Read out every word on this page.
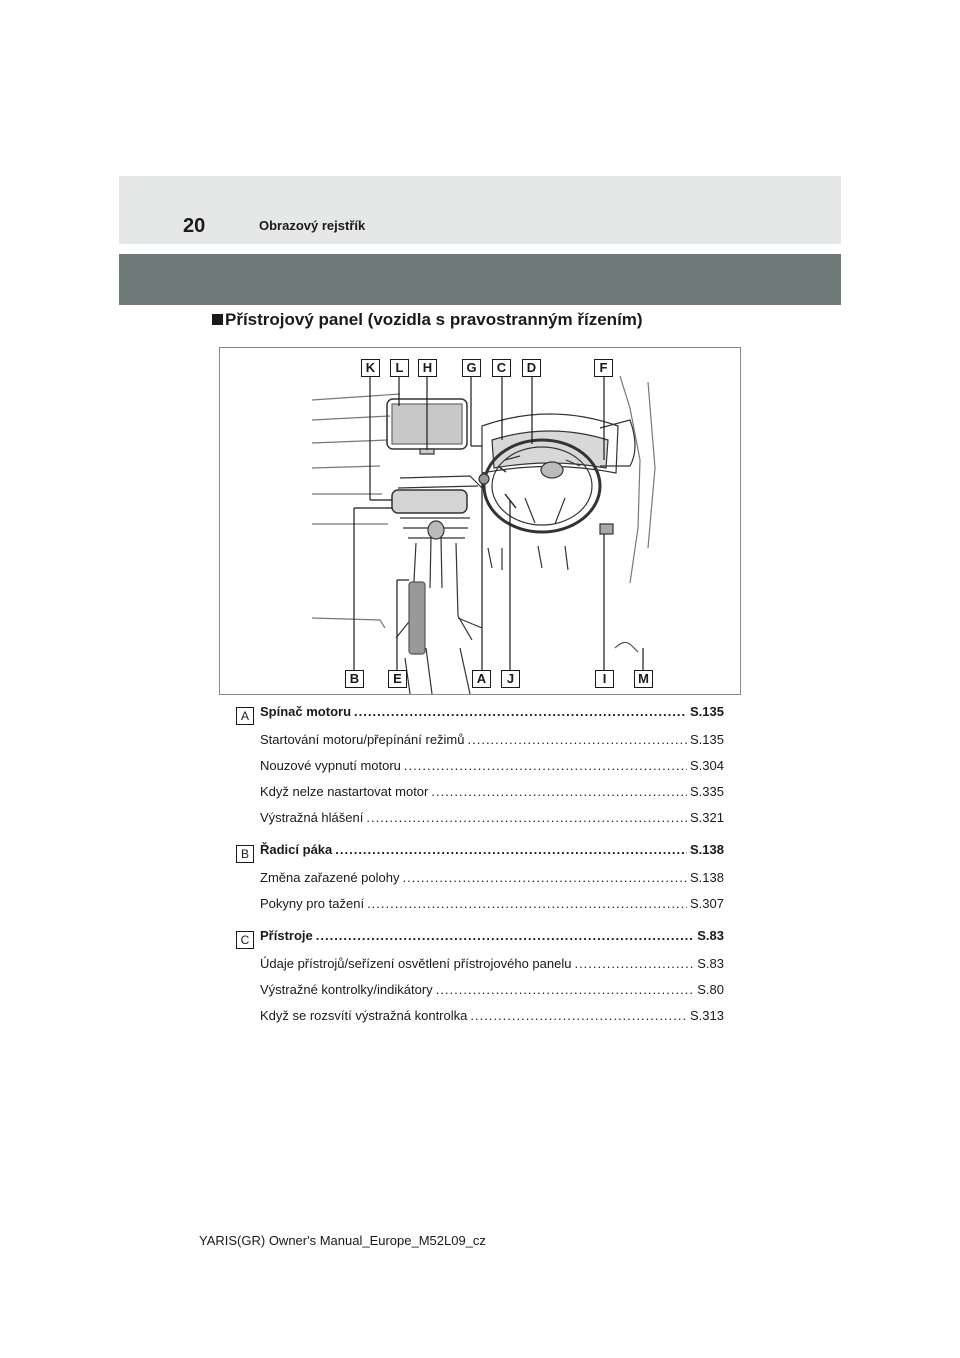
20	Obrazový rejstřík
Přístrojový panel (vozidla s pravostranným řízením)
K	L	H	G	C	D	F
B	E	A	J	I	M
A Spínač motoru .....	S.135
Startování motoru/přepínání režimů .....	S.135
Nouzové vypnutí motoru .....	S.304
Když nelze nastartovat motor .....	S.335
Výstražná hlášení .....	S.321
B Řadicí páka .....	S.138
Změna zařazené polohy .....	S.138
Pokyny pro tažení .....	S.307
C Přístroje .....	S.83
Údaje přístrojů/seřízení osvětlení přístrojového panelu .....	S.83
Výstražné kontrolky/indikátory .....	S.80
Když se rozsvítí výstražná kontrolka .....	S.313
YARIS(GR) Owner's Manual_Europe_M52L09_cz
